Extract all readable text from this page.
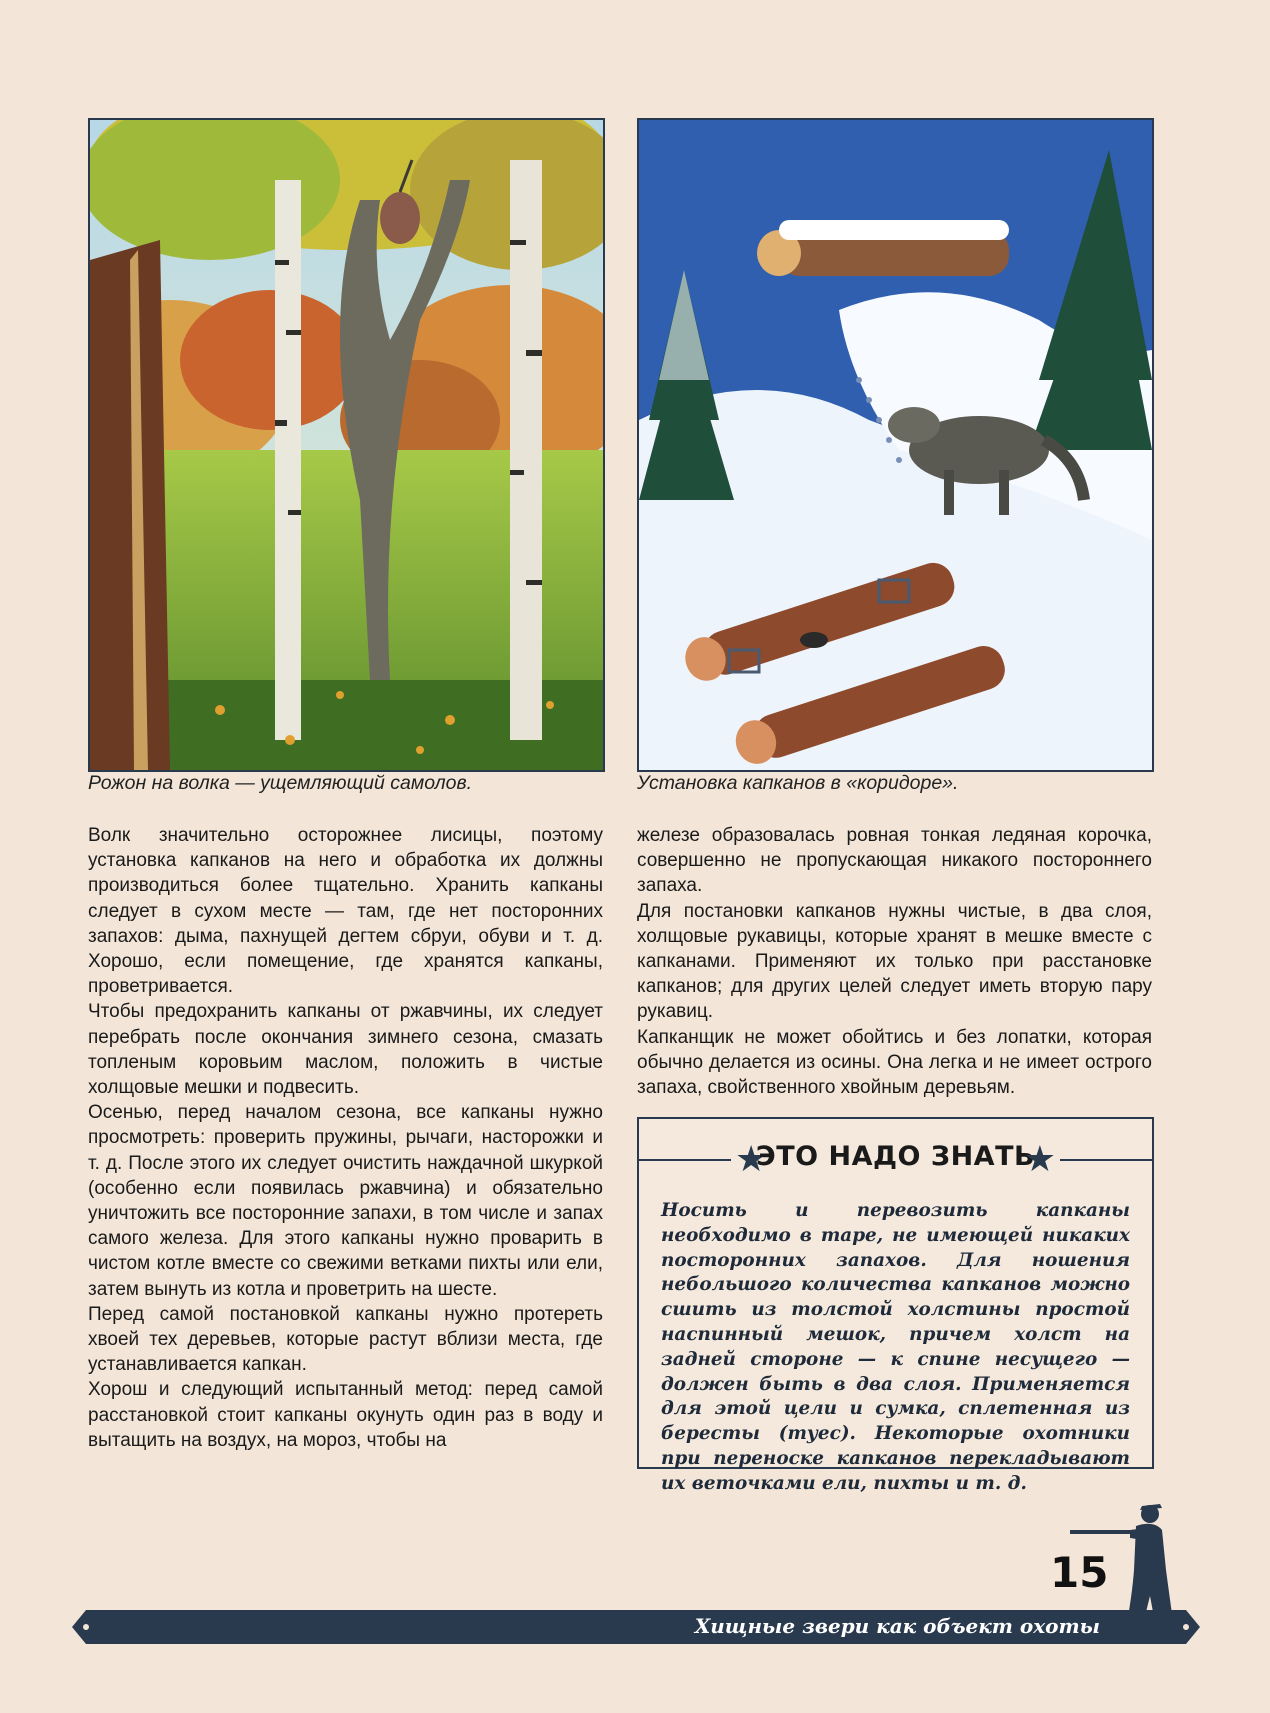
Рожон на волка — ущемляющий самолов.	Установка капканов в «коридоре».

Волк значительно осторожнее лисицы, поэтому установка капканов на него и обработка их должны производиться более тщательно. Хранить капканы следует в сухом месте — там, где нет посторонних запахов: дыма, пахнущей дегтем сбруи, обуви и т. д. Хорошо, если помещение, где хранятся капканы, проветривается.

Чтобы предохранить капканы от ржавчины, их следует перебрать после окончания зимнего сезона, смазать топленым коровьим маслом, положить в чистые холщовые мешки и подвесить.

Осенью, перед началом сезона, все капканы нужно просмотреть: проверить пружины, рычаги, насторожки и т. д. После этого их следует очистить наждачной шкуркой (особенно если появилась ржавчина) и обязательно уничтожить все посторонние запахи, в том числе и запах самого железа. Для этого капканы нужно проварить в чистом котле вместе со свежими ветками пихты или ели, затем вынуть из котла и проветрить на шесте.

Перед самой постановкой капканы нужно протереть хвоей тех деревьев, которые растут вблизи места, где устанавливается капкан.

Хорош и следующий испытанный метод: перед самой расстановкой стоит капканы окунуть один раз в воду и вытащить на воздух, на мороз, чтобы на

железе образовалась ровная тонкая ледяная корочка, совершенно не пропускающая никакого постороннего запаха.

Для постановки капканов нужны чистые, в два слоя, холщовые рукавицы, которые хранят в мешке вместе с капканами. Применяют их только при расстановке капканов; для других целей следует иметь вторую пару рукавиц.

Капканщик не может обойтись и без лопатки, которая обычно делается из осины. Она легка и не имеет острого запаха, свойственного хвойным деревьям.

★
ЭТО НАДО ЗНАТЬ
★
Носить и перевозить капканы необходимо в таре, не имеющей никаких посторонних запахов. Для ношения небольшого количества капканов можно сшить из толстой холстины простой наспинный мешок, причем холст на задней стороне — к спине несущего — должен быть в два слоя. Применяется для этой цели и сумка, сплетенная из бересты (туес). Некоторые охотники при переноске капканов перекладывают их веточками ели, пихты и т. д.
15
Хищные звери как объект охоты
